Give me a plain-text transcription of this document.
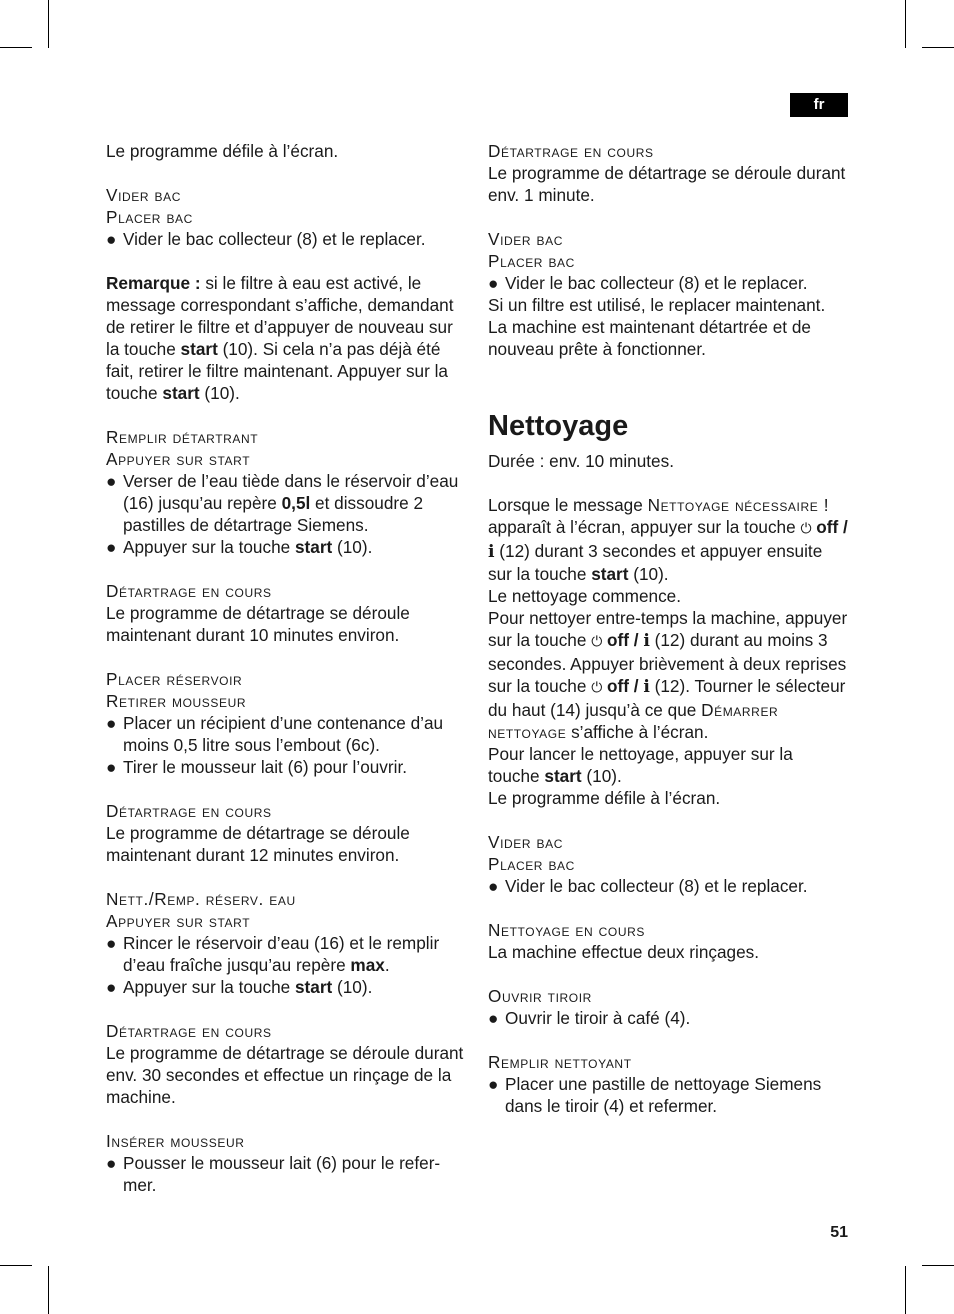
fr
51

Le programme défile à l’écran.

Vider bac

Placer bac

● Vider le bac collecteur (8) et le replacer.

Remarque : si le filtre à eau est activé, le message correspondant s’affiche, demandant de retirer le filtre et d’appuyer de nouveau sur la touche start (10). Si cela n’a pas déjà été fait, retirer le filtre maintenant. Appuyer sur la touche start (10).

Remplir détartrant

Appuyer sur start

● Verser de l’eau tiède dans le réservoir d’eau (16) jusqu’au repère 0,5l et dissoudre 2 pastilles de détartrage Siemens.

● Appuyer sur la touche start (10).

Détartrage en cours

Le programme de détartrage se déroule maintenant durant 10 minutes environ.

Placer réservoir

Retirer mousseur

● Placer un récipient d’une contenance d’au moins 0,5 litre sous l’embout (6c).

● Tirer le mousseur lait (6) pour l’ouvrir.

Détartrage en cours

Le programme de détartrage se déroule maintenant durant 12 minutes environ.

Nett./Remp. réserv. eau

Appuyer sur start

● Rincer le réservoir d’eau (16) et le remplir d’eau fraîche jusqu’au repère max.

● Appuyer sur la touche start (10).

Détartrage en cours

Le programme de détartrage se déroule durant env. 30 secondes et effectue un rinçage de la machine.

Insérer mousseur

● Pousser le mousseur lait (6) pour le refermer.

Détartrage en cours

Le programme de détartrage se déroule durant env. 1 minute.

Vider bac

Placer bac

● Vider le bac collecteur (8) et le replacer.

Si un filtre est utilisé, le replacer maintenant. La machine est maintenant détartrée et de nouveau prête à fonctionner.

Nettoyage

Durée : env. 10 minutes.

Lorsque le message Nettoyage nécessaire ! apparaît à l’écran, appuyer sur la touche ⏻ off / i (12) durant 3 secondes et appuyer ensuite sur la touche start (10).

Le nettoyage commence.

Pour nettoyer entre-temps la machine, appuyer sur la touche ⏻ off / i (12) durant au moins 3 secondes. Appuyer brièvement à deux reprises sur la touche ⏻ off / i (12). Tourner le sélecteur du haut (14) jusqu’à ce que Démarrer nettoyage s’affiche à l’écran.

Pour lancer le nettoyage, appuyer sur la touche start (10).

Le programme défile à l’écran.

Vider bac

Placer bac

● Vider le bac collecteur (8) et le replacer.

Nettoyage en cours

La machine effectue deux rinçages.

Ouvrir tiroir

● Ouvrir le tiroir à café (4).

Remplir nettoyant

● Placer une pastille de nettoyage Siemens dans le tiroir (4) et refermer.
